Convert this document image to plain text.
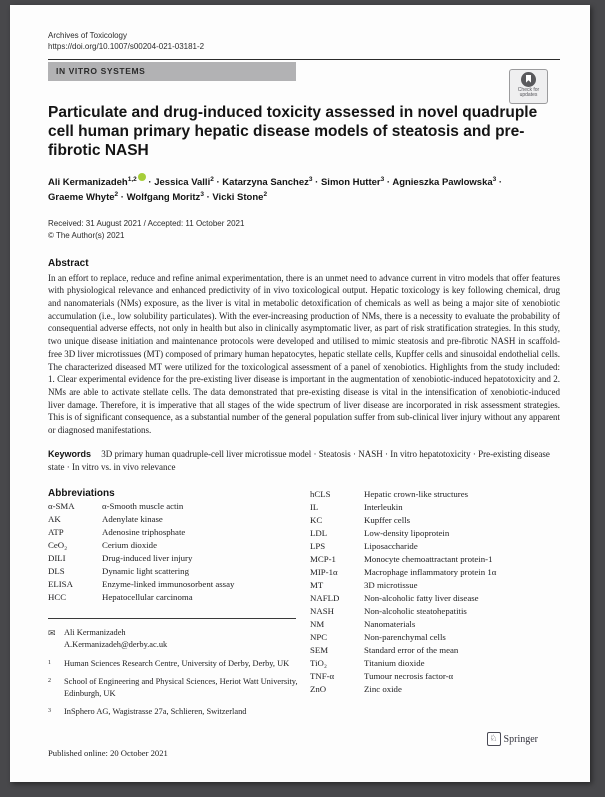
Archives of Toxicology
https://doi.org/10.1007/s00204-021-03181-2
IN VITRO SYSTEMS
Check for
updates
Particulate and drug-induced toxicity assessed in novel quadruple cell human primary hepatic disease models of steatosis and pre-fibrotic NASH
Ali Kermanizadeh$^{1,2}$ · Jessica Valli$^2$ · Katarzyna Sanchez$^3$ · Simon Hutter$^3$ · Agnieszka Pawlowska$^3$ · Graeme Whyte$^2$ · Wolfgang Moritz$^3$ · Vicki Stone$^2$
Received: 31 August 2021 / Accepted: 11 October 2021
© The Author(s) 2021
Abstract
In an effort to replace, reduce and refine animal experimentation, there is an unmet need to advance current in vitro models that offer features with physiological relevance and enhanced predictivity of in vivo toxicological output. Hepatic toxicology is key following chemical, drug and nanomaterials (NMs) exposure, as the liver is vital in metabolic detoxification of chemicals as well as being a major site of xenobiotic accumulation (i.e., low solubility particulates). With the ever-increasing production of NMs, there is a necessity to evaluate the probability of consequential adverse effects, not only in health but also in clinically asymptomatic liver, as part of risk stratification strategies. In this study, two unique disease initiation and maintenance protocols were developed and utilised to mimic steatosis and pre-fibrotic NASH in scaffold-free 3D liver microtissues (MT) composed of primary human hepatocytes, hepatic stellate cells, Kupffer cells and sinusoidal endothelial cells. The characterized diseased MT were utilized for the toxicological assessment of a panel of xenobiotics. Highlights from the study included: 1. Clear experimental evidence for the pre-existing liver disease is important in the augmentation of xenobiotic-induced hepatotoxicity and 2. NMs are able to activate stellate cells. The data demonstrated that pre-existing disease is vital in the intensification of xenobiotic-induced liver damage. Therefore, it is imperative that all stages of the wide spectrum of liver disease are incorporated in risk assessment strategies. This is of significant consequence, as a substantial number of the general population suffer from sub-clinical liver injury without any apparent or diagnosed manifestations.
Keywords 3D primary human quadruple-cell liver microtissue model · Steatosis · NASH · In vitro hepatotoxicity · Pre-existing disease state · In vitro vs. in vivo relevance
Abbreviations
α-SMA	α-Smooth muscle actin
AK	Adenylate kinase
ATP	Adenosine triphosphate
CeO₂	Cerium dioxide
DILI	Drug-induced liver injury
DLS	Dynamic light scattering
ELISA	Enzyme-linked immunosorbent assay
HCC	Hepatocellular carcinoma
✉	Ali Kermanizadeh
A.Kermanizadeh@derby.ac.uk
1	Human Sciences Research Centre, University of Derby, Derby, UK
2	School of Engineering and Physical Sciences, Heriot Watt University, Edinburgh, UK
3	InSphero AG, Wagistrasse 27a, Schlieren, Switzerland
hCLS	Hepatic crown-like structures
IL	Interleukin
KC	Kupffer cells
LDL	Low-density lipoprotein
LPS	Liposaccharide
MCP-1	Monocyte chemoattractant protein-1
MIP-1α	Macrophage inflammatory protein 1α
MT	3D microtissue
NAFLD	Non-alcoholic fatty liver disease
NASH	Non-alcoholic steatohepatitis
NM	Nanomaterials
NPC	Non-parenchymal cells
SEM	Standard error of the mean
TiO₂	Titanium dioxide
TNF-α	Tumour necrosis factor-α
ZnO	Zinc oxide
Published online: 20 October 2021
♘ Springer
